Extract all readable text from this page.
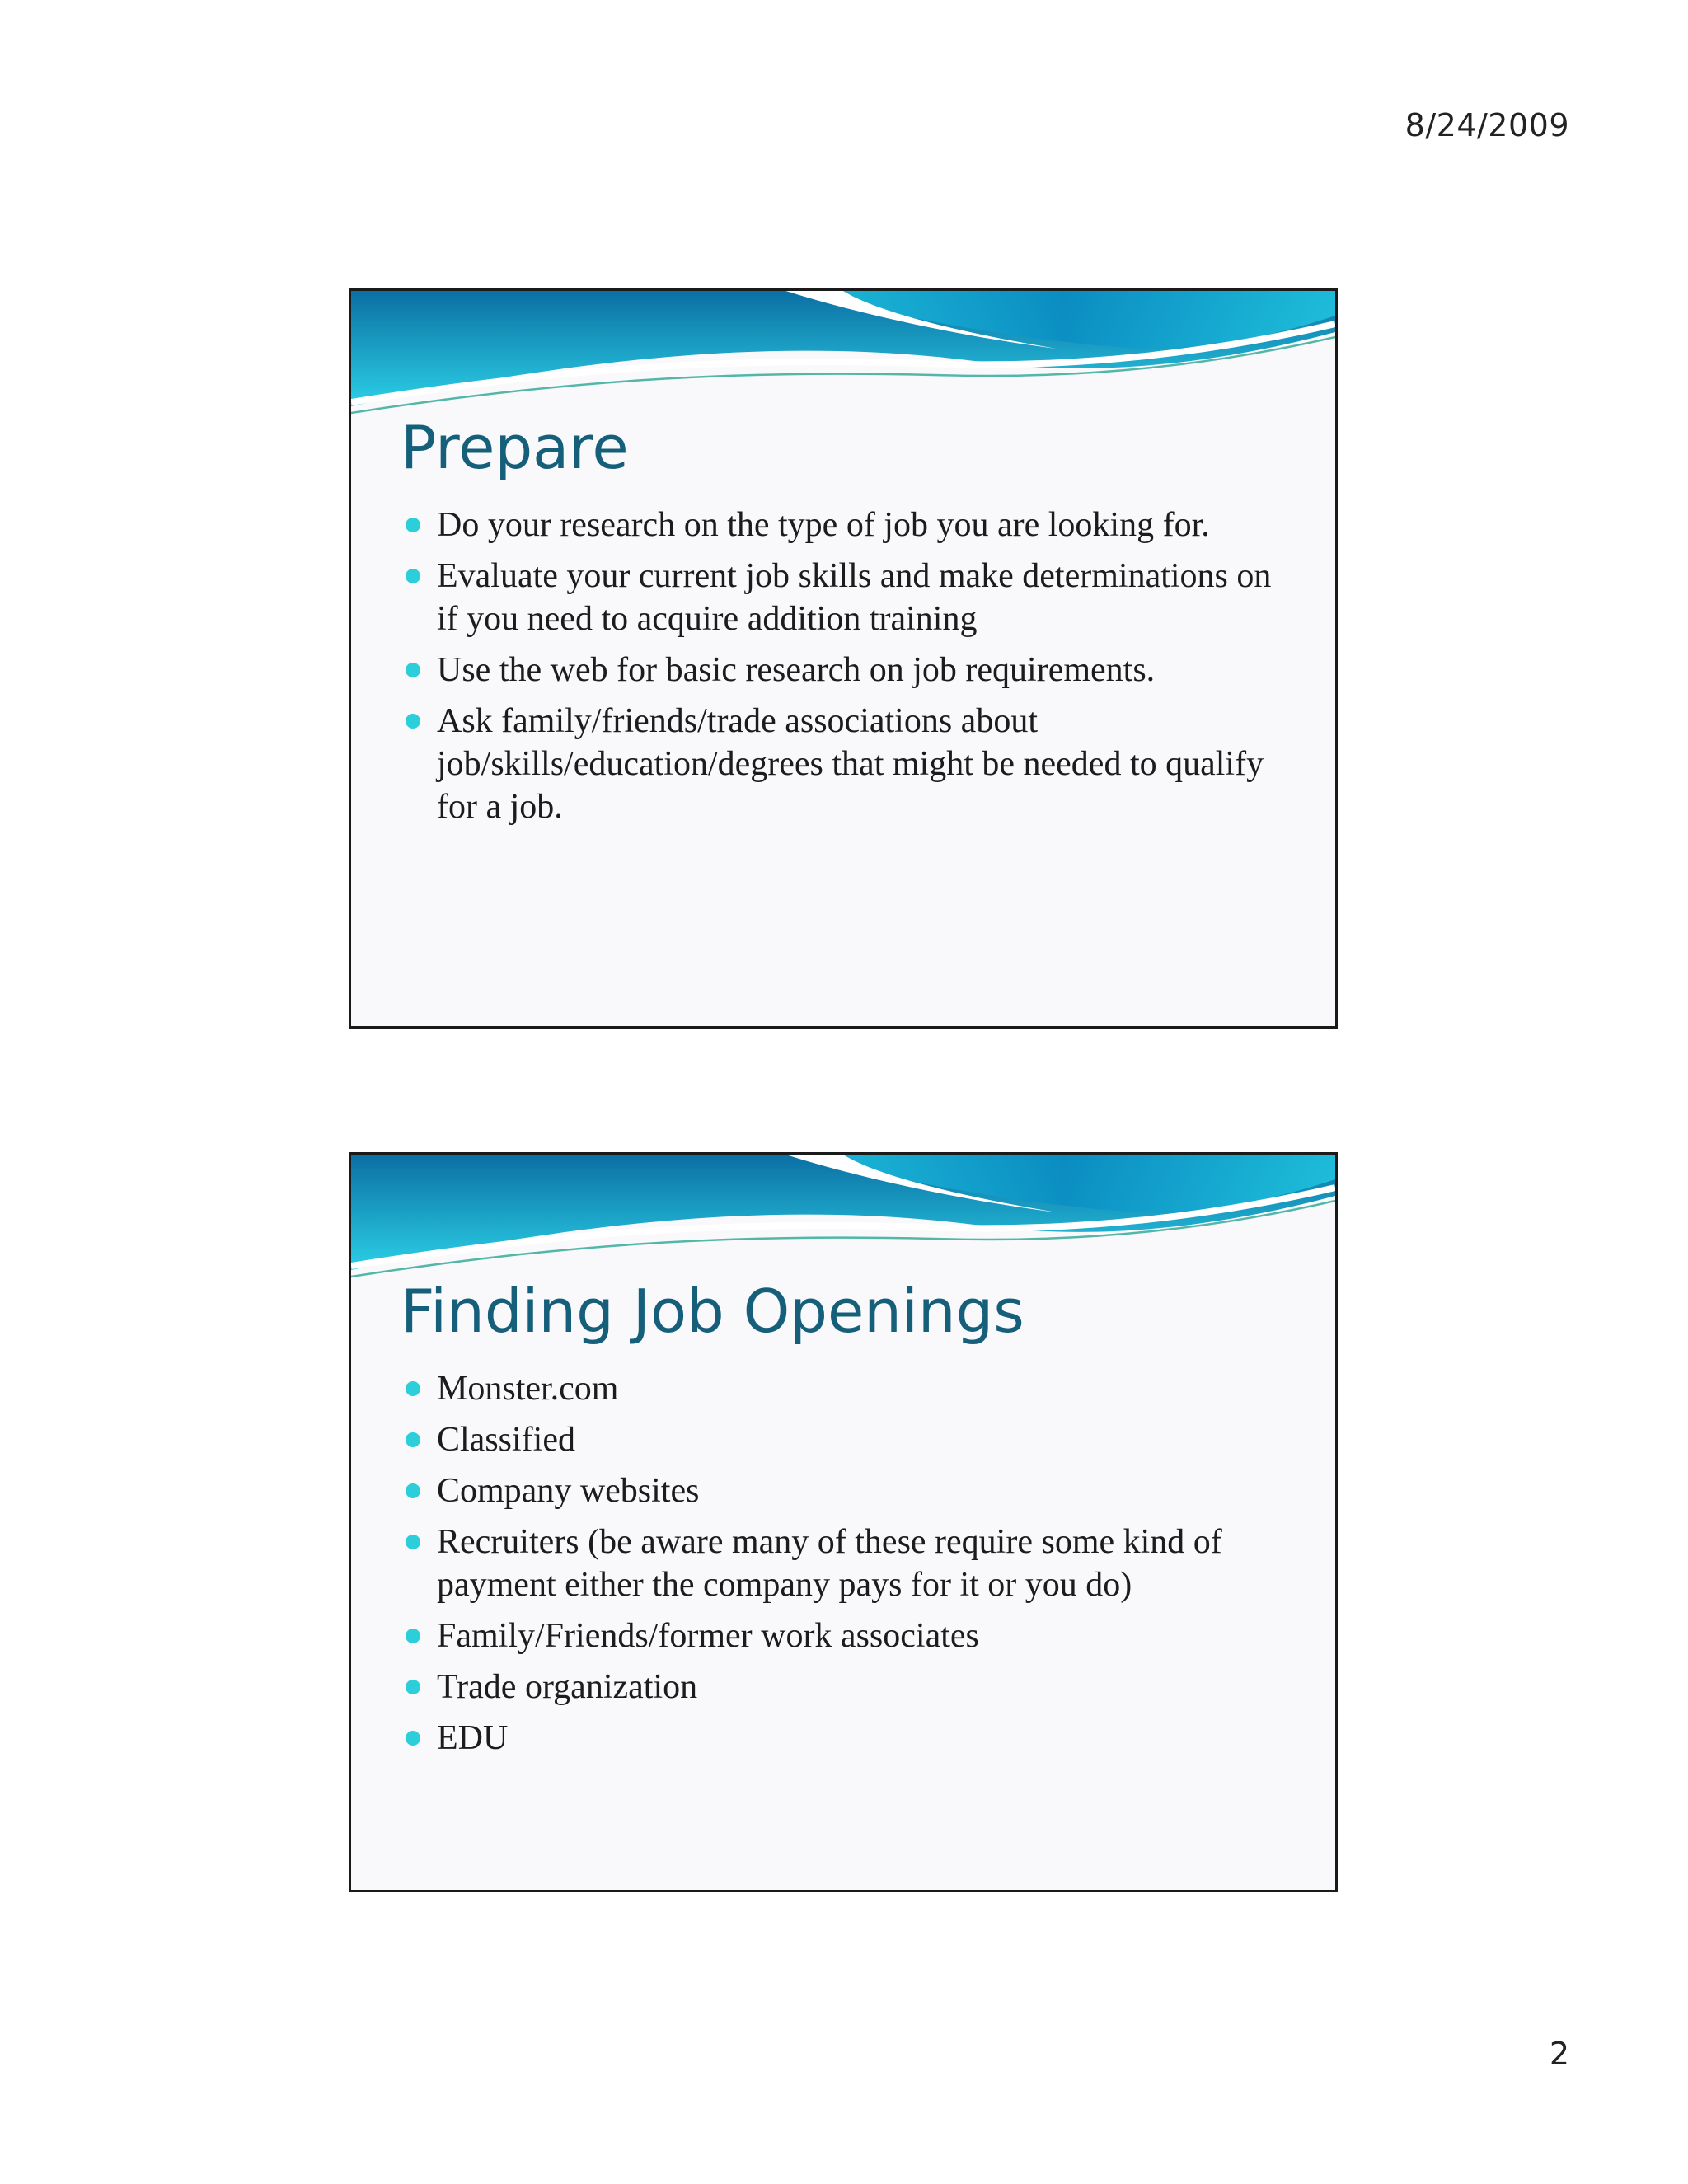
8/24/2009
Prepare
Do your research on the type of job you are looking for.
Evaluate your current job skills and make determinations on if you need to acquire addition training
Use the web for basic research on job requirements.
Ask family/friends/trade associations about job/skills/education/degrees that might be needed to qualify for a job.
Finding Job Openings
Monster.com
Classified
Company websites
Recruiters (be aware many of these require some kind of payment either the company pays for it or you do)
Family/Friends/former work associates
Trade organization
EDU
2
